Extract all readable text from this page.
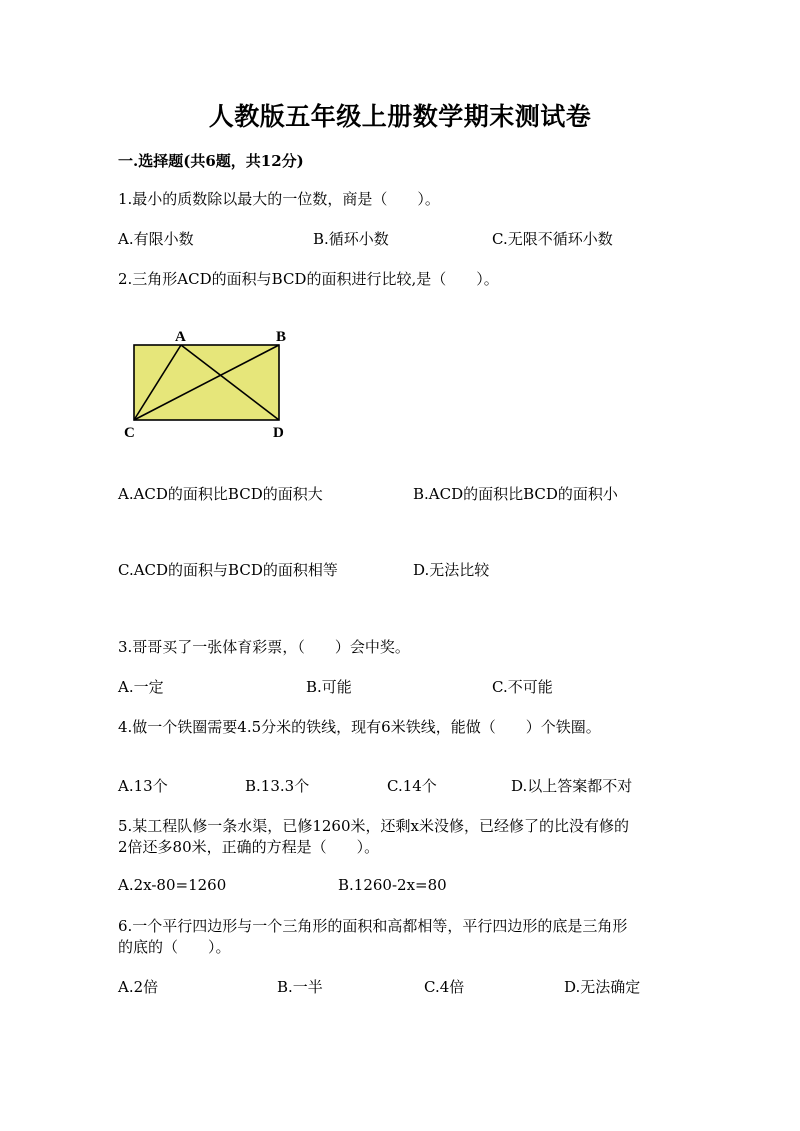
人教版五年级上册数学期末测试卷
一.选择题(共6题，共12分)
1.最小的质数除以最大的一位数，商是（　　）。
A.有限小数	B.循环小数	C.无限不循环小数
2.三角形ACD的面积与BCD的面积进行比较,是（　　）。
A	B
C	D
A.ACD的面积比BCD的面积大	B.ACD的面积比BCD的面积小
C.ACD的面积与BCD的面积相等	D.无法比较
3.哥哥买了一张体育彩票，（　　）会中奖。
A.一定	B.可能	C.不可能
4.做一个铁圈需要4.5分米的铁线，现有6米铁线，能做（　　）个铁圈。
A.13个	B.13.3个	C.14个	D.以上答案都不对
5.某工程队修一条水渠，已修1260米，还剩x米没修，已经修了的比没有修的
2倍还多80米，正确的方程是（　　）。
A.2x-80=1260	B.1260-2x=80
6.一个平行四边形与一个三角形的面积和高都相等，平行四边形的底是三角形
的底的（　　）。
A.2倍	B.一半	C.4倍	D.无法确定
